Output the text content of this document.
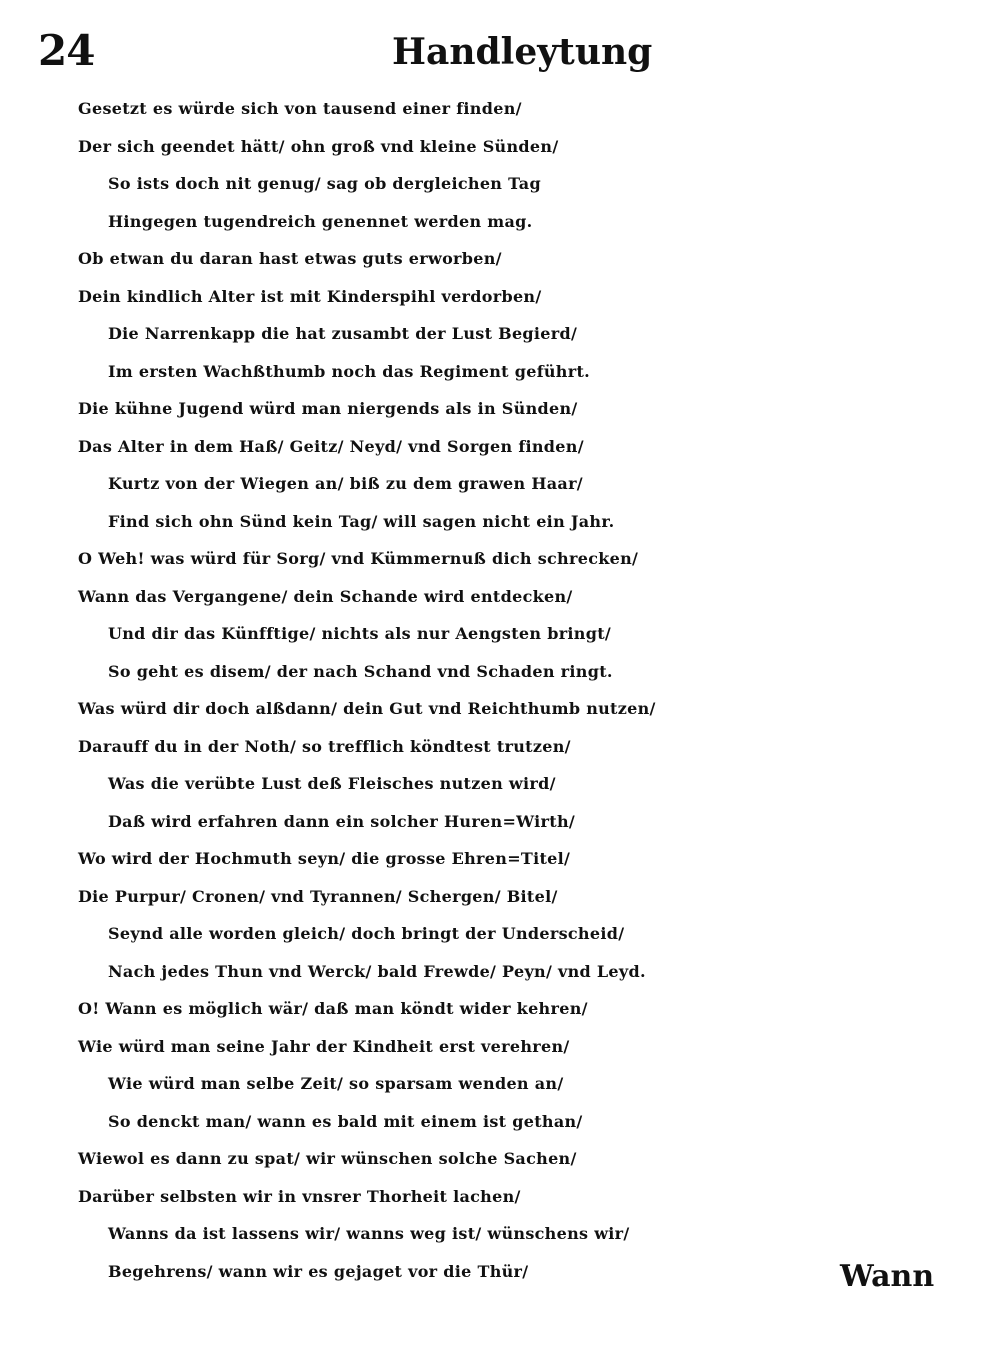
24	Handleytung
Gesetzt es würde sich von tausend einer finden/
Der sich geendet hätt/ ohn groß vnd kleine Sünden/
So ists doch nit genug/ sag ob dergleichen Tag
Hingegen tugendreich genennet werden mag.
Ob etwan du daran hast etwas guts erworben/
Dein kindlich Alter ist mit Kinderspihl verdorben/
Die Narrenkapp die hat zusambt der Lust Begierd/
Im ersten Wachßthumb noch das Regiment geführt.
Die kühne Jugend würd man niergends als in Sünden/
Das Alter in dem Haß/ Geitz/ Neyd/ vnd Sorgen finden/
Kurtz von der Wiegen an/ biß zu dem grawen Haar/
Find sich ohn Sünd kein Tag/ will sagen nicht ein Jahr.
O Weh! was würd für Sorg/ vnd Kümmernuß dich schrecken/
Wann das Vergangene/ dein Schande wird entdecken/
Und dir das Künfftige/ nichts als nur Aengsten bringt/
So geht es disem/ der nach Schand vnd Schaden ringt.
Was würd dir doch alßdann/ dein Gut vnd Reichthumb nutzen/
Darauff du in der Noth/ so trefflich köndtest trutzen/
Was die verübte Lust deß Fleisches nutzen wird/
Daß wird erfahren dann ein solcher Huren=Wirth/
Wo wird der Hochmuth seyn/ die grosse Ehren=Titel/
Die Purpur/ Cronen/ vnd Tyrannen/ Schergen/ Bitel/
Seynd alle worden gleich/ doch bringt der Underscheid/
Nach jedes Thun vnd Werck/ bald Frewde/ Peyn/ vnd Leyd.
O! Wann es möglich wär/ daß man köndt wider kehren/
Wie würd man seine Jahr der Kindheit erst verehren/
Wie würd man selbe Zeit/ so sparsam wenden an/
So denckt man/ wann es bald mit einem ist gethan/
Wiewol es dann zu spat/ wir wünschen solche Sachen/
Darüber selbsten wir in vnsrer Thorheit lachen/
Wanns da ist lassens wir/ wanns weg ist/ wünschens wir/
Begehrens/ wann wir es gejaget vor die Thür/	Wann
